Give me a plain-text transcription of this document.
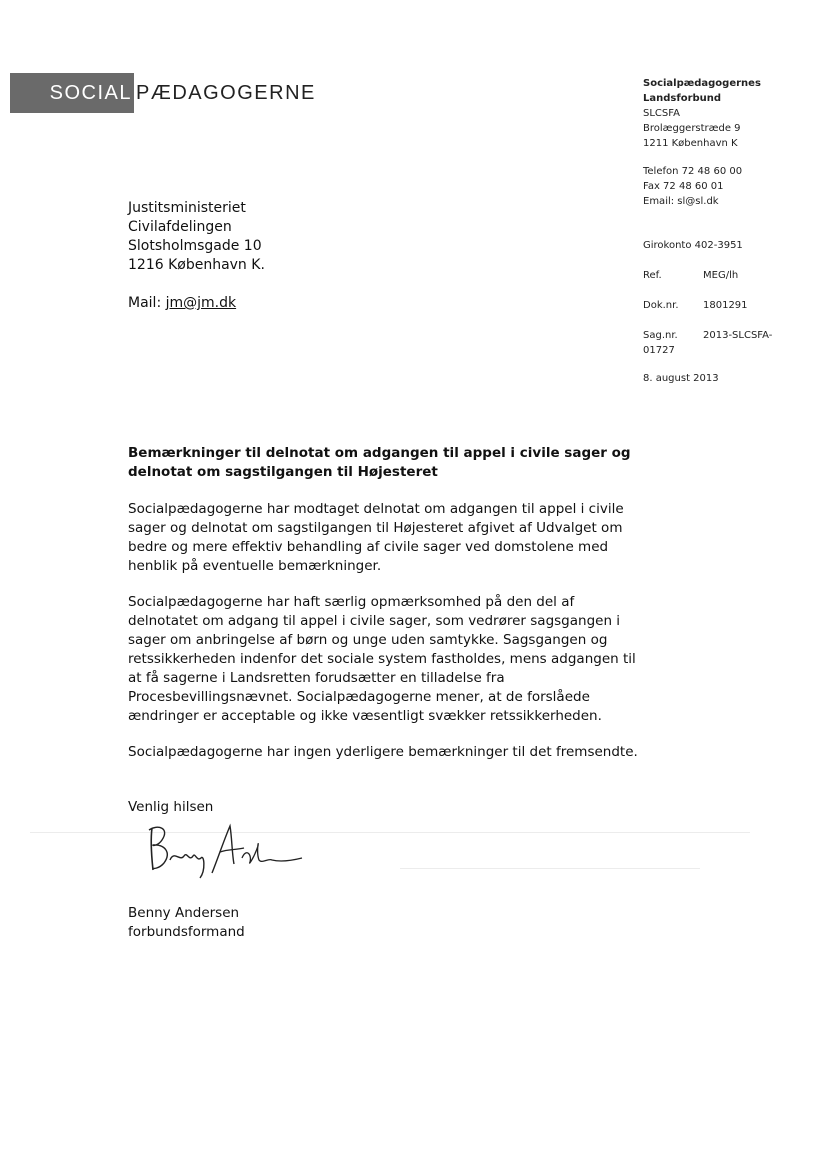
SOCIAL PÆDAGOGERNE	Socialpædagogernes
Landsforbund
SLCSFA
Brolæggerstræde 9
1211 København K
Telefon 72 48 60 00
Fax 72 48 60 01
Email: sl@sl.dk
Girokonto 402-3951
Ref.	MEG/lh
Dok.nr.	1801291
Sag.nr.	2013-SLCSFA-
01727
8. august 2013
Justitsministeriet
Civilafdelingen
Slotsholmsgade 10
1216 København K.
Mail: jm@jm.dk
Bemærkninger til delnotat om adgangen til appel i civile sager og delnotat om sagstilgangen til Højesteret
Socialpædagogerne har modtaget delnotat om adgangen til appel i civile sager og delnotat om sagstilgangen til Højesteret afgivet af Udvalget om bedre og mere effektiv behandling af civile sager ved domstolene med henblik på eventuelle bemærkninger.
Socialpædagogerne har haft særlig opmærksomhed på den del af delnotatet om adgang til appel i civile sager, som vedrører sagsgangen i sager om anbringelse af børn og unge uden samtykke. Sagsgangen og retssikkerheden indenfor det sociale system fastholdes, mens adgangen til at få sagerne i Landsretten forudsætter en tilladelse fra Procesbevillingsnævnet. Socialpædagogerne mener, at de forslåede ændringer er acceptable og ikke væsentligt svækker retssikkerheden.
Socialpædagogerne har ingen yderligere bemærkninger til det fremsendte.
Venlig hilsen
Benny Andersen
forbundsformand
